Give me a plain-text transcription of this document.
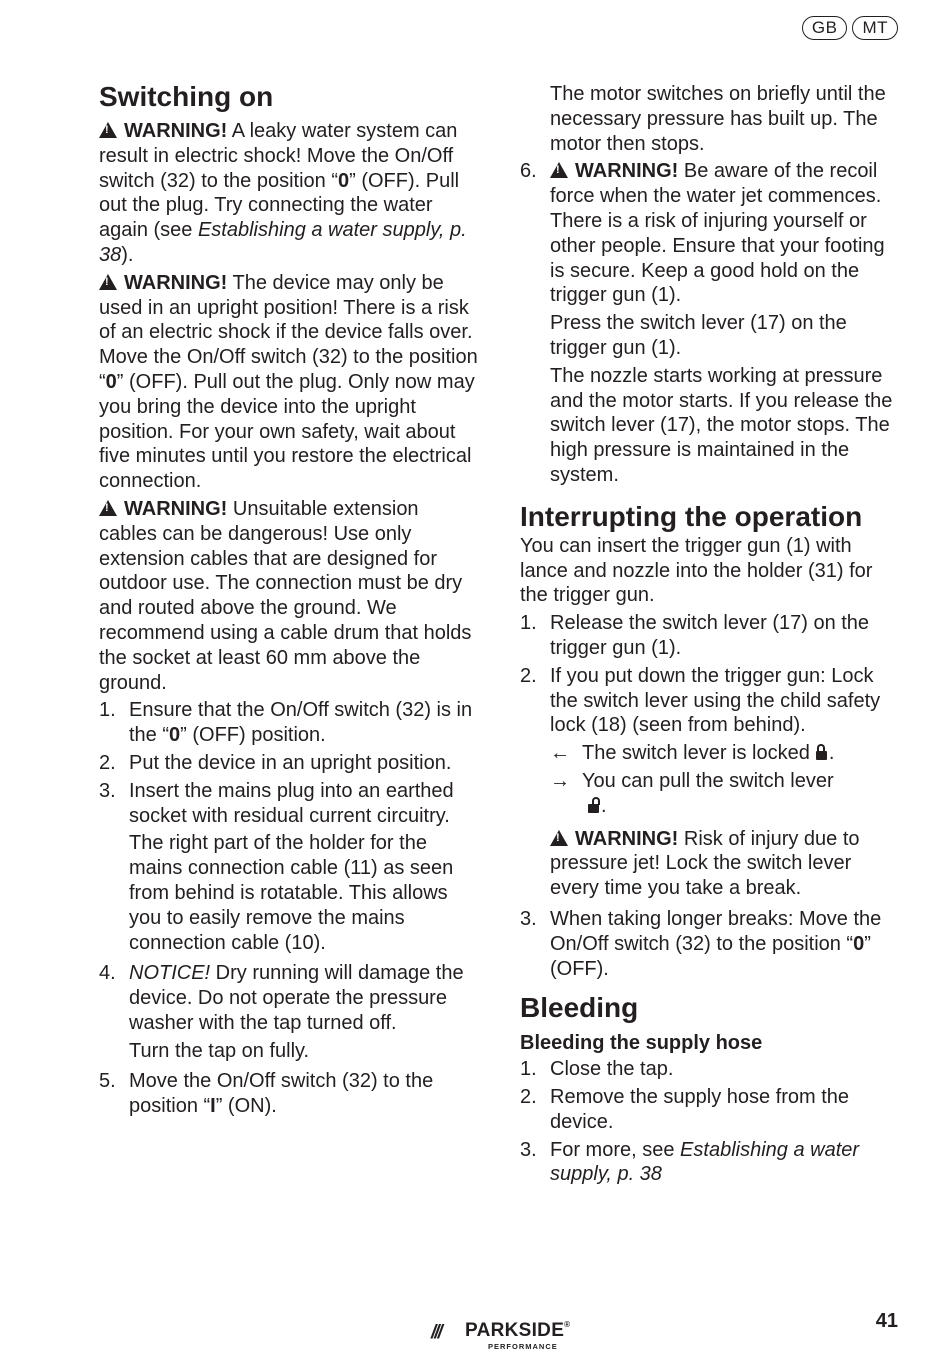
GB	MT
Switching on

!WARNING! A leaky water system can result in electric shock! Move the On/Off switch (32) to the position “0” (OFF). Pull out the plug. Try connecting the water again (see Establishing a water supply, p. 38).

!WARNING! The device may only be used in an upright position! There is a risk of an electric shock if the device falls over. Move the On/Off switch (32) to the position “0” (OFF). Pull out the plug. Only now may you bring the device into the upright position. For your own safety, wait about five minutes until you restore the electrical connection.

!WARNING! Unsuitable extension cables can be dangerous! Use only extension cables that are designed for outdoor use. The connection must be dry and routed above the ground. We recommend using a cable drum that holds the socket at least 60 mm above the ground.

1. Ensure that the On/Off switch (32) is in the “0” (OFF) position.
2. Put the device in an upright position.
3. Insert the mains plug into an earthed socket with residual current circuitry.

The right part of the holder for the mains connection cable (11) as seen from behind is rotatable. This allows you to easily remove the mains connection cable (10).

4. NOTICE! Dry running will damage the device. Do not operate the pressure washer with the tap turned off.

Turn the tap on fully.

5. Move the On/Off switch (32) to the position “I” (ON).
The motor switches on briefly until the necessary pressure has built up. The motor then stops.
6.

!	WARNING! Be aware of the recoil force when the water jet commences. There is a risk of injuring yourself or other people. Ensure that your footing is secure. Keep a good hold on the trigger gun (1).

Press the switch lever (17) on the trigger gun (1).

The nozzle starts working at pressure and the motor starts. If you release the switch lever (17), the motor stops. The high pressure is maintained in the system.

Interrupting the operation

You can insert the trigger gun (1) with lance and nozzle into the holder (31) for the trigger gun.

1. Release the switch lever (17) on the trigger gun (1).
2. If you put down the trigger gun: Lock the switch lever using the child safety lock (18) (seen from behind).

← The switch lever is locked .
→ You can pull the switch lever
.

!WARNING! Risk of injury due to pressure jet! Lock the switch lever every time you take a break.

3. When taking longer breaks: Move the On/Off switch (32) to the position “0” (OFF).
Bleeding
Bleeding the supply hose
1. Close the tap.
2. Remove the supply hose from the device.
3. For more, see Establishing a water supply, p. 38
/// PARKSIDE®
PERFORMANCE
41
